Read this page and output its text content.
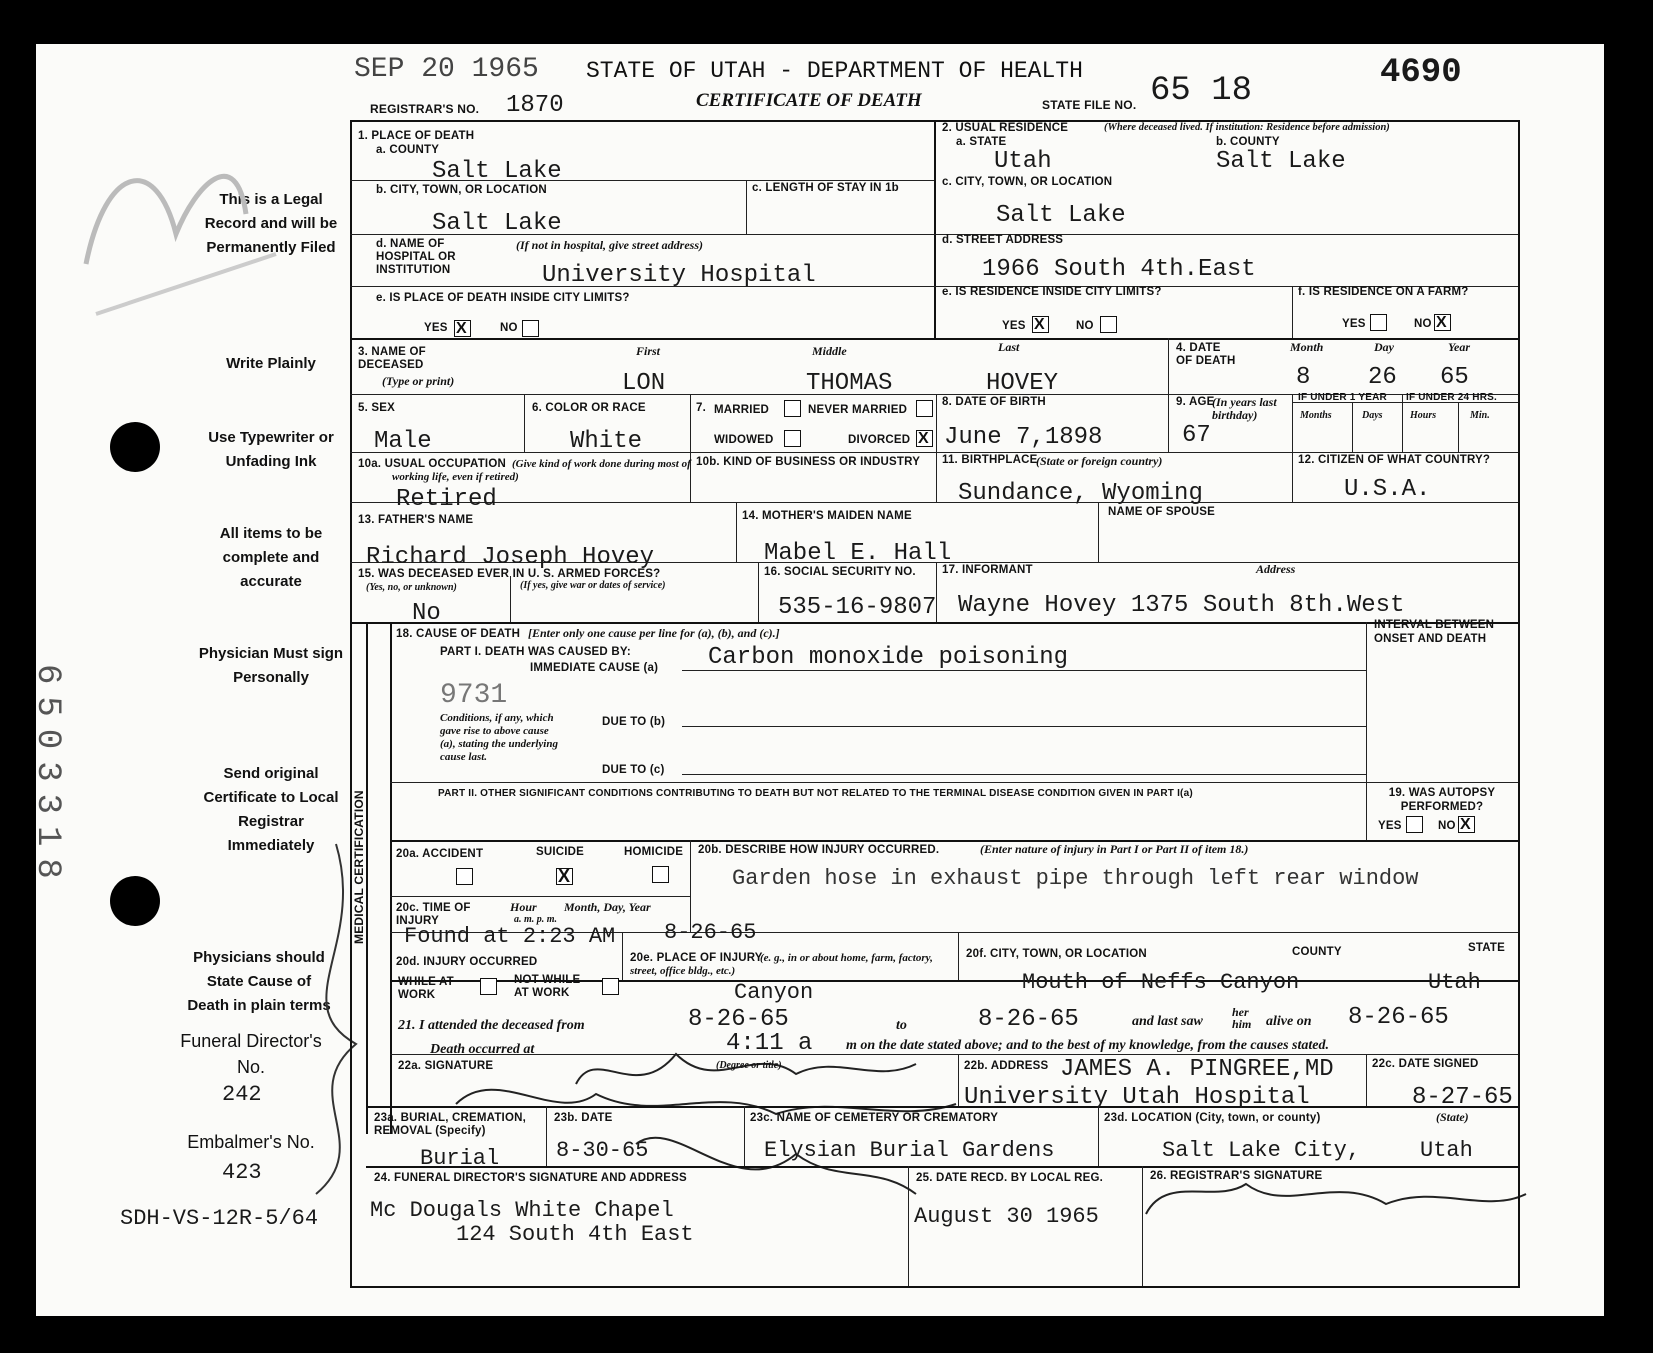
SEP 20 1965 STATE OF UTAH - DEPARTMENT OF HEALTH
CERTIFICATE OF DEATH
REGISTRAR'S NO. 1870	STATE FILE NO. 65 18	4690
This is a Legal Record and will be Permanently Filed
Write Plainly
Use Typewriter or Unfading Ink
All items to be complete and accurate
Physician Must sign Personally
Send original Certificate to Local Registrar Immediately
Physicians should State Cause of Death in plain terms
Funeral Director's No.
242
Embalmer's No.
423
SDH-VS-12R-5/64
6503318	MEDICAL CERTIFICATION
1. PLACE OF DEATH
a. COUNTY
Salt Lake
b. CITY, TOWN, OR LOCATION
Salt Lake
c. LENGTH OF STAY IN 1b
d. NAME OF HOSPITAL OR INSTITUTION
(If not in hospital, give street address)
University Hospital
e. IS PLACE OF DEATH INSIDE CITY LIMITS?
YES X	NO
2. USUAL RESIDENCE	(Where deceased lived. If institution: Residence before admission)
a. STATE	b. COUNTY
Utah	Salt Lake
c. CITY, TOWN, OR LOCATION
Salt Lake
d. STREET ADDRESS
1966 South 4th.East
e. IS RESIDENCE INSIDE CITY LIMITS?
YES X	NO
f. IS RESIDENCE ON A FARM?
YES	NO X
3. NAME OF DECEASED
(Type or print)
First	Middle	Last
LON	THOMAS	HOVEY
4. DATE OF DEATH
Month	Day	Year
8 26 65
5. SEX
Male
6. COLOR OR RACE
White
7. MARRIED	NEVER MARRIED
WIDOWED	DIVORCED X
8. DATE OF BIRTH
June 7,1898
9. AGE
(In years last birthday)
67
IF UNDER 1 YEAR IF UNDER 24 HRS.
Months	Days	Hours	Min.
10a. USUAL OCCUPATION (Give kind of work done during most of working life, even if retired)
Retired
10b. KIND OF BUSINESS OR INDUSTRY 11. BIRTHPLACE
(State or foreign country)
Sundance, Wyoming
12. CITIZEN OF WHAT COUNTRY?
U.S.A.
13. FATHER'S NAME
Richard Joseph Hovey
14. MOTHER'S MAIDEN NAME
Mabel E. Hall
NAME OF SPOUSE
15. WAS DECEASED EVER IN U. S. ARMED FORCES?
(Yes, no, or unknown)	(If yes, give war or dates of service)
No
16. SOCIAL SECURITY NO.
535-16-9807
17. INFORMANT	Address
Wayne Hovey 1375 South 8th.West
18. CAUSE OF DEATH [Enter only one cause per line for (a), (b), and (c).]
PART I. DEATH WAS CAUSED BY:
IMMEDIATE CAUSE (a) Carbon monoxide poisoning
9731
Conditions, if any, which gave rise to above cause (a), stating the underlying cause last.
DUE TO (b)
DUE TO (c)
PART II. OTHER SIGNIFICANT CONDITIONS CONTRIBUTING TO DEATH BUT NOT RELATED TO THE TERMINAL DISEASE CONDITION GIVEN IN PART I(a)
INTERVAL BETWEEN ONSET AND DEATH
19. WAS AUTOPSY PERFORMED?
YES	NO X
20a. ACCIDENT	SUICIDE	HOMICIDE
X
20b. DESCRIBE HOW INJURY OCCURRED.	(Enter nature of injury in Part I or Part II of item 18.)
Garden hose in exhaust pipe through left rear window
20c. TIME OF INJURY
Hour
a. m. p. m.
Month, Day, Year
Found at 2:23 AM 8-26-65
20d. INJURY OCCURRED
WHILE AT WORK
NOT WHILE AT WORK
20e. PLACE OF INJURY
(e. g., in or about home, farm, factory, street, office bldg., etc.)
Canyon
20f. CITY, TOWN, OR LOCATION	COUNTY	STATE
Mouth of Neffs Canyon	Utah
21. I attended the deceased from	8-26-65	to	8-26-65	and last saw
her him	alive on 8-26-65
Death occurred at	4:11 a m on the date stated above; and to the best of my knowledge, from the causes stated.
22a. SIGNATURE	(Degree or title)	22b. ADDRESS JAMES A. PINGREE,MD
University Utah Hospital
22c. DATE SIGNED
8-27-65
23a. BURIAL, CREMATION, REMOVAL (Specify)
Burial
23b. DATE
8-30-65
23c. NAME OF CEMETERY OR CREMATORY
Elysian Burial Gardens
23d. LOCATION (City, town, or county)	(State)
Salt Lake City,	Utah
24. FUNERAL DIRECTOR'S SIGNATURE AND ADDRESS
Mc Dougals White Chapel
124 South 4th East
25. DATE RECD. BY LOCAL REG.
August 30 1965
26. REGISTRAR'S SIGNATURE
